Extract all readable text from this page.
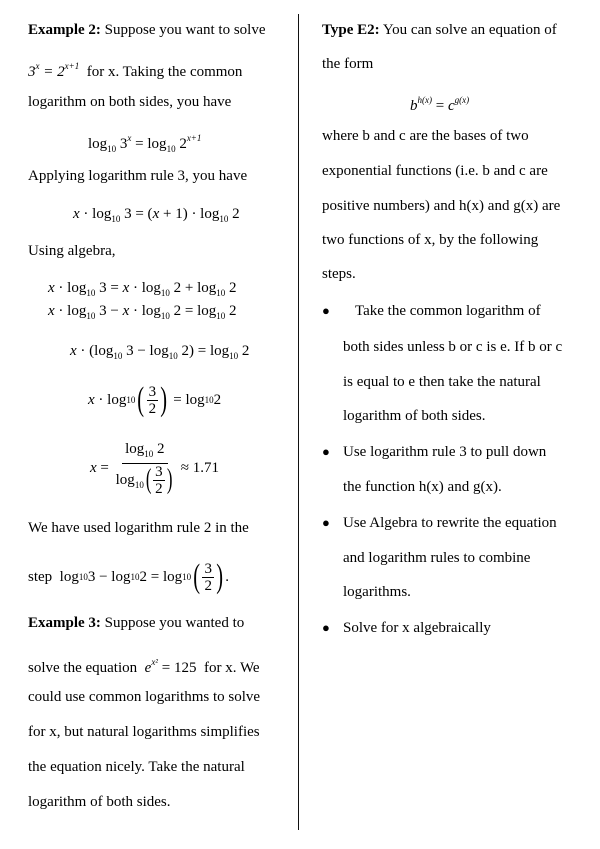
Example 2: Suppose you want to solve
$3^x = 2^{x+1}$ for x. Taking the common
logarithm on both sides, you have
$\log_{10} 3^x = \log_{10} 2^{x+1}$
Applying logarithm rule 3, you have
$x \cdot \log_{10} 3 = (x + 1) \cdot \log_{10} 2$
Using algebra,
$x \cdot \log_{10} 3 = x \cdot \log_{10} 2 + \log_{10} 2$
$x \cdot \log_{10} 3 - x \cdot \log_{10} 2 = \log_{10} 2$
$x \cdot (\log_{10}$ $3 - \log_{10} 2) = \log_{10} 2$
x · log 10 ( $\frac{3}{2}$ ) = log 10 2
$x = \frac{\log_{10} 2}{\log_{10} ( \frac{3}{2} )} \approx 1.71$
We have used logarithm rule 2 in the
step log 10 3 − log 10 2 = log 10 ( $\frac{3}{2}$ ) .
Example 3: Suppose you wanted to
solve the equation $e^{x^2} = 125$  for x. We
could use common logarithms to solve
for x, but natural logarithms simplifies
the equation nicely. Take the natural
logarithm of both sides.
Type E2: You can solve an equation of
the form
$b^{h(x)} = c^{g(x)}$
where b and c are the bases of two
exponential functions (i.e. b and c are
positive numbers) and h(x) and g(x) are
two functions of x, by the following
steps.
● Take the common logarithm of
both sides unless b or c is e. If b or c
is equal to e then take the natural
logarithm of both sides.
● Use logarithm rule 3 to pull down
the function h(x) and g(x).
● Use Algebra to rewrite the equation
and logarithm rules to combine
logarithms.
● Solve for x algebraically
